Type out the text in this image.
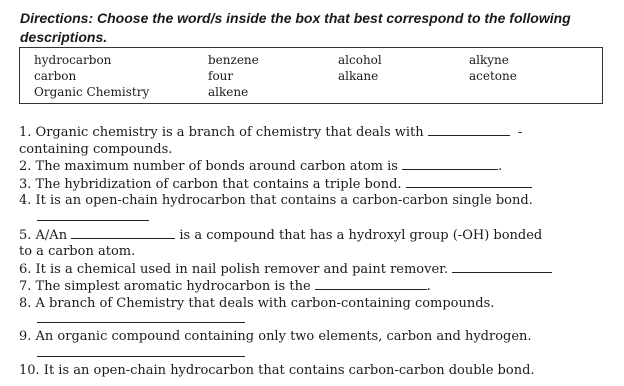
Directions: Choose the word/s inside the box that best correspond to the following descriptions.
hydrocarbon	benzene	alcohol	alkyne
carbon	four	alkane	acetone
Organic Chemistry	alkene
1. Organic chemistry is a branch of chemistry that deals with	-
containing compounds.
2. The maximum number of bonds around carbon atom is	.
3. The hybridization of carbon that contains a triple bond.
4. It is an open-chain hydrocarbon that contains a carbon-carbon single bond.
5. A/An	is a compound that has a hydroxyl group (-OH) bonded
to a carbon atom.
6. It is a chemical used in nail polish remover and paint remover.
7. The simplest aromatic hydrocarbon is the	.
8. A branch of Chemistry that deals with carbon-containing compounds.
9. An organic compound containing only two elements, carbon and hydrogen.
10. It is an open-chain hydrocarbon that contains carbon-carbon double bond.
